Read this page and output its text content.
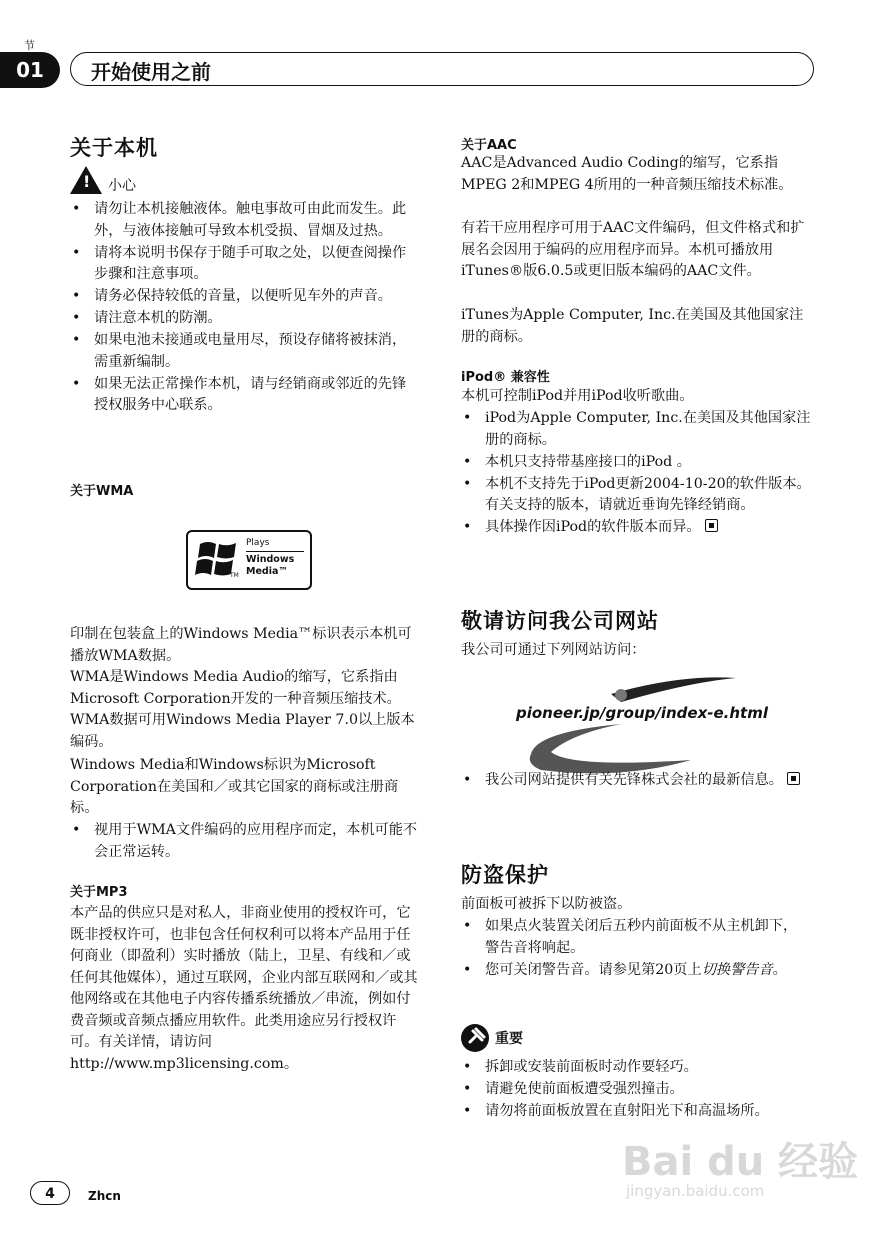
节
01	开始使用之前
关于本机
! 小心
• 请勿让本机接触液体。触电事故可由此而发生。此外，与液体接触可导致本机受损、冒烟及过热。
• 请将本说明书保存于随手可取之处，以便查阅操作步骤和注意事项。
• 请务必保持较低的音量，以便听见车外的声音。
• 请注意本机的防潮。
• 如果电池未接通或电量用尽，预设存储将被抹消，需重新编制。
• 如果无法正常操作本机，请与经销商或邻近的先锋授权服务中心联系。
关于WMA
TM
Plays
Windows
Media™

印制在包装盒上的Windows Media™标识表示本机可播放WMA数据。

WMA是Windows Media Audio的缩写，它系指由Microsoft Corporation开发的一种音频压缩技术。WMA数据可用Windows Media Player 7.0以上版本编码。

Windows Media和Windows标识为Microsoft Corporation在美国和／或其它国家的商标或注册商标。

• 视用于WMA文件编码的应用程序而定，本机可能不会正常运转。
关于MP3

本产品的供应只是对私人，非商业使用的授权许可，它既非授权许可，也非包含任何权利可以将本产品用于任何商业（即盈利）实时播放（陆上，卫星、有线和／或任何其他媒体），通过互联网，企业内部互联网和／或其他网络或在其他电子内容传播系统播放／串流，例如付费音频或音频点播应用软件。此类用途应另行授权许可。有关详情，请访问 http://www.mp3licensing.com。

关于AAC

AAC是Advanced Audio Coding的缩写，它系指MPEG 2和MPEG 4所用的一种音频压缩技术标准。

有若干应用程序可用于AAC文件编码，但文件格式和扩展名会因用于编码的应用程序而异。本机可播放用 iTunes®版6.0.5或更旧版本编码的AAC文件。

iTunes为Apple Computer, Inc.在美国及其他国家注册的商标。

iPod® 兼容性

本机可控制iPod并用iPod收听歌曲。

• iPod为Apple Computer, Inc.在美国及其他国家注册的商标。
• 本机只支持带基座接口的iPod 。
• 本机不支持先于iPod更新2004-10-20的软件版本。 有关支持的版本，请就近垂询先锋经销商。
• 具体操作因iPod的软件版本而异。
敬请访问我公司网站

我公司可通过下列网站访问：

pioneer.jp/group/index-e.html
• 我公司网站提供有关先锋株式会社的最新信息。
防盗保护

前面板可被拆下以防被盗。

• 如果点火装置关闭后五秒内前面板不从主机卸下，警告音将响起。
• 您可关闭警告音。请参见第20页上切换警告音。
重要
• 拆卸或安装前面板时动作要轻巧。
• 请避免使前面板遭受强烈撞击。
• 请勿将前面板放置在直射阳光下和高温场所。
4	Zhcn
Bai du 经验
jingyan.baidu.com
